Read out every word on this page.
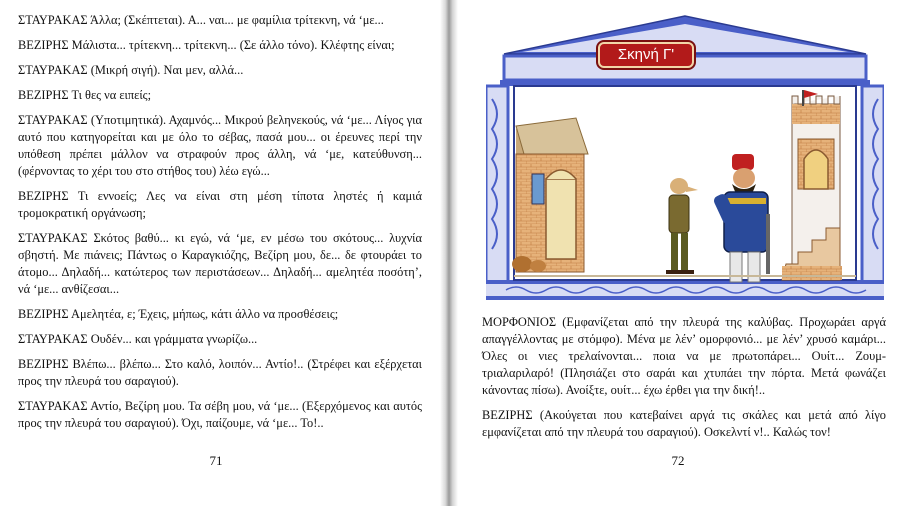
ΣΤΑΥΡΑΚΑΣ Άλλα; (Σκέπτεται). Α... ναι... με φαμίλια τρίτεκνη, νά ‘με...

ΒΕΖΙΡΗΣ Μάλιστα... τρίτεκνη... τρίτεκνη... (Σε άλλο τόνο). Κλέφτης είναι;

ΣΤΑΥΡΑΚΑΣ (Μικρή σιγή). Ναι μεν, αλλά...

ΒΕΖΙΡΗΣ Τι θες να ειπείς;

ΣΤΑΥΡΑΚΑΣ (Υποτιμητικά). Αχαμνός... Μικρού βεληνεκούς, νά ‘με... Λίγος για αυτό που κατηγορείται και με όλο το σέβας, πασά μου... οι έρευνες περί την υπόθεση πρέπει μάλλον να στραφούν προς άλλη, νά ‘με, κατεύθυνση... (φέρνοντας το χέρι του στο στήθος του) λέω εγώ...

ΒΕΖΙΡΗΣ Τι εννοείς; Λες να είναι στη μέση τίποτα ληστές ή καμιά τρομοκρατική οργάνωση;

ΣΤΑΥΡΑΚΑΣ Σκότος βαθύ... κι εγώ, νά ‘με, εν μέσω του σκότους... λυχνία σβηστή. Με πιάνεις; Πάντως ο Καραγκιόζης, Βεζίρη μου, δε... δε φτουράει το άτομο... Δηλαδή... κατώτερος των περιστάσεων... Δηλαδή... αμελητέα ποσότη’, νά ‘με... ανθίζεσαι...

ΒΕΖΙΡΗΣ Αμελητέα, ε; Έχεις, μήπως, κάτι άλλο να προσθέσεις;

ΣΤΑΥΡΑΚΑΣ Ουδέν... και γράμματα γνωρίζω...

ΒΕΖΙΡΗΣ Βλέπω... βλέπω... Στο καλό, λοιπόν... Αντίο!.. (Στρέφει και εξέρχεται προς την πλευρά του σαραγιού).

ΣΤΑΥΡΑΚΑΣ Αντίο, Βεζίρη μου. Τα σέβη μου, νά ‘με... (Εξερχόμενος και αυτός προς την πλευρά του σαραγιού). Όχι, παίζουμε, νά ‘με... Το!..

71
Σκηνή Γ'

ΜΟΡΦΟΝΙΟΣ (Εμφανίζεται από την πλευρά της καλύβας. Προχωράει αργά απαγγέλλοντας με στόμφο). Μένα με λέν’ ομορφονιό... με λέν’ χρυσό καμάρι... Όλες οι νιες τρελαίνονται... ποια να με πρωτοπάρει... Ουίτ... Ζουμ-τριαλαριλαρό! (Πλησιάζει στο σαράι και χτυπάει την πόρτα. Μετά φωνάζει κάνοντας πίσω). Ανοίξτε, ουίτ... έχω έρθει για την δική!..

ΒΕΖΙΡΗΣ (Ακούγεται που κατεβαίνει αργά τις σκάλες και μετά από λίγο εμφανίζεται από την πλευρά του σαραγιού). Οσκελντί ν!.. Καλώς τον!

72
